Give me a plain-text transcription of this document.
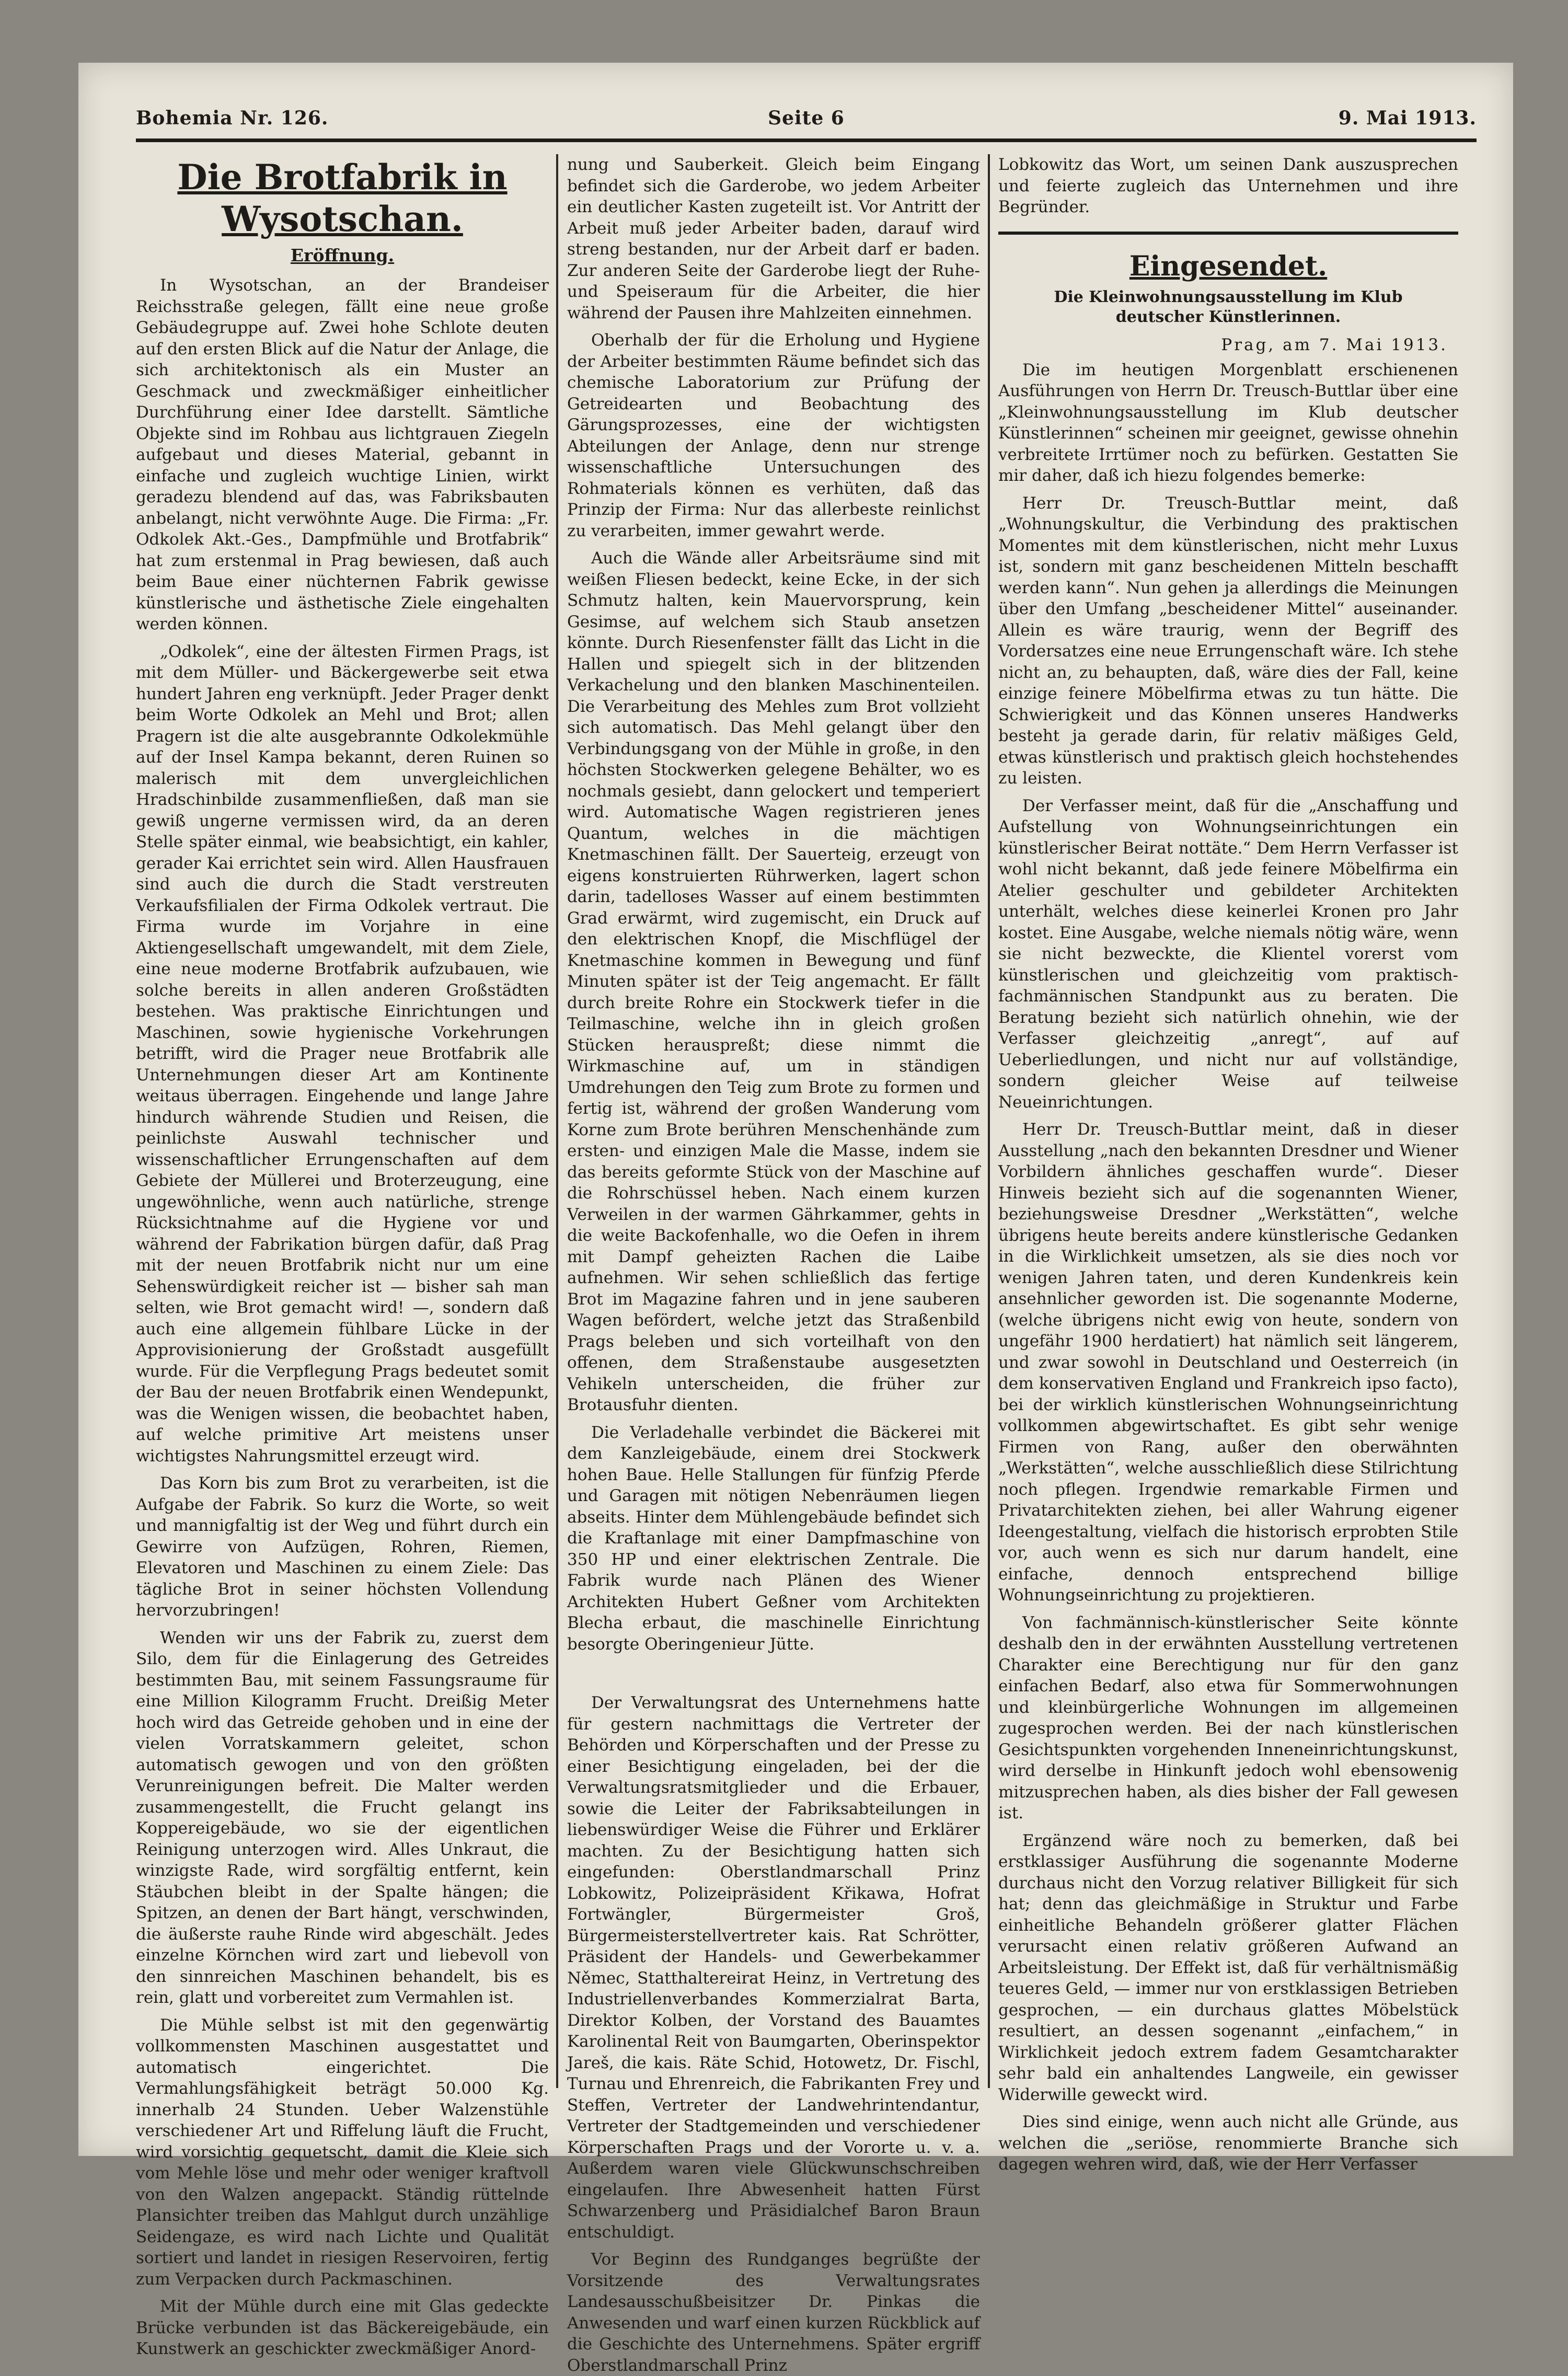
Bohemia Nr. 126.	Seite 6	9. Mai 1913.
Die Brotfabrik in Wysotschan.
Eröffnung.

In Wysotschan, an der Brandeiser Reichsstraße gelegen, fällt eine neue große Gebäudegruppe auf. Zwei hohe Schlote deuten auf den ersten Blick auf die Natur der Anlage, die sich architektonisch als ein Muster an Geschmack und zweckmäßiger einheitlicher Durchführung einer Idee darstellt. Sämtliche Objekte sind im Rohbau aus lichtgrauen Ziegeln aufgebaut und dieses Material, gebannt in einfache und zugleich wuchtige Linien, wirkt geradezu blendend auf das, was Fabriksbauten anbelangt, nicht verwöhnte Auge. Die Firma: „Fr. Odkolek Akt.-Ges., Dampfmühle und Brotfabrik“ hat zum erstenmal in Prag bewiesen, daß auch beim Baue einer nüchternen Fabrik gewisse künstlerische und ästhetische Ziele eingehalten werden können.

„Odkolek“, eine der ältesten Firmen Prags, ist mit dem Müller- und Bäckergewerbe seit etwa hundert Jahren eng verknüpft. Jeder Prager denkt beim Worte Odkolek an Mehl und Brot; allen Pragern ist die alte ausgebrannte Odkolekmühle auf der Insel Kampa bekannt, deren Ruinen so malerisch mit dem unvergleichlichen Hradschinbilde zusammenfließen, daß man sie gewiß ungerne vermissen wird, da an deren Stelle später einmal, wie beabsichtigt, ein kahler, gerader Kai errichtet sein wird. Allen Hausfrauen sind auch die durch die Stadt verstreuten Verkaufsfilialen der Firma Odkolek vertraut. Die Firma wurde im Vorjahre in eine Aktiengesellschaft umgewandelt, mit dem Ziele, eine neue moderne Brotfabrik aufzubauen, wie solche bereits in allen anderen Großstädten bestehen. Was praktische Einrichtungen und Maschinen, sowie hygienische Vorkehrungen betrifft, wird die Prager neue Brotfabrik alle Unternehmungen dieser Art am Kontinente weitaus überragen. Eingehende und lange Jahre hindurch währende Studien und Reisen, die peinlichste Auswahl technischer und wissenschaftlicher Errungenschaften auf dem Gebiete der Müllerei und Broterzeugung, eine ungewöhnliche, wenn auch natürliche, strenge Rücksichtnahme auf die Hygiene vor und während der Fabrikation bürgen dafür, daß Prag mit der neuen Brotfabrik nicht nur um eine Sehenswürdigkeit reicher ist — bisher sah man selten, wie Brot gemacht wird! —, sondern daß auch eine allgemein fühlbare Lücke in der Approvisionierung der Großstadt ausgefüllt wurde. Für die Verpflegung Prags bedeutet somit der Bau der neuen Brotfabrik einen Wendepunkt, was die Wenigen wissen, die beobachtet haben, auf welche primitive Art meistens unser wichtigstes Nahrungsmittel erzeugt wird.

Das Korn bis zum Brot zu verarbeiten, ist die Aufgabe der Fabrik. So kurz die Worte, so weit und mannigfaltig ist der Weg und führt durch ein Gewirre von Aufzügen, Rohren, Riemen, Elevatoren und Maschinen zu einem Ziele: Das tägliche Brot in seiner höchsten Vollendung hervorzubringen!

Wenden wir uns der Fabrik zu, zuerst dem Silo, dem für die Einlagerung des Getreides bestimmten Bau, mit seinem Fassungsraume für eine Million Kilogramm Frucht. Dreißig Meter hoch wird das Getreide gehoben und in eine der vielen Vorratskammern geleitet, schon automatisch gewogen und von den größten Verunreinigungen befreit. Die Malter werden zusammengestellt, die Frucht gelangt ins Koppereigebäude, wo sie der eigentlichen Reinigung unterzogen wird. Alles Unkraut, die winzigste Rade, wird sorgfältig entfernt, kein Stäubchen bleibt in der Spalte hängen; die Spitzen, an denen der Bart hängt, verschwinden, die äußerste rauhe Rinde wird abgeschält. Jedes einzelne Körnchen wird zart und liebevoll von den sinnreichen Maschinen behandelt, bis es rein, glatt und vorbereitet zum Vermahlen ist.

Die Mühle selbst ist mit den gegenwärtig vollkommensten Maschinen ausgestattet und automatisch eingerichtet. Die Vermahlungsfähigkeit beträgt 50.000 Kg. innerhalb 24 Stunden. Ueber Walzenstühle verschiedener Art und Riffelung läuft die Frucht, wird vorsichtig gequetscht, damit die Kleie sich vom Mehle löse und mehr oder weniger kraftvoll von den Walzen angepackt. Ständig rüttelnde Plansichter treiben das Mahlgut durch unzählige Seidengaze, es wird nach Lichte und Qualität sortiert und landet in riesigen Reservoiren, fertig zum Verpacken durch Packmaschinen.

Mit der Mühle durch eine mit Glas gedeckte Brücke verbunden ist das Bäckereigebäude, ein Kunstwerk an geschickter zweckmäßiger Anord-

nung und Sauberkeit. Gleich beim Eingang befindet sich die Garderobe, wo jedem Arbeiter ein deutlicher Kasten zugeteilt ist. Vor Antritt der Arbeit muß jeder Arbeiter baden, darauf wird streng bestanden, nur der Arbeit darf er baden. Zur anderen Seite der Garderobe liegt der Ruhe- und Speiseraum für die Arbeiter, die hier während der Pausen ihre Mahlzeiten einnehmen.

Oberhalb der für die Erholung und Hygiene der Arbeiter bestimmten Räume befindet sich das chemische Laboratorium zur Prüfung der Getreidearten und Beobachtung des Gärungsprozesses, eine der wichtigsten Abteilungen der Anlage, denn nur strenge wissenschaftliche Untersuchungen des Rohmaterials können es verhüten, daß das Prinzip der Firma: Nur das allerbeste reinlichst zu verarbeiten, immer gewahrt werde.

Auch die Wände aller Arbeitsräume sind mit weißen Fliesen bedeckt, keine Ecke, in der sich Schmutz halten, kein Mauervorsprung, kein Gesimse, auf welchem sich Staub ansetzen könnte. Durch Riesenfenster fällt das Licht in die Hallen und spiegelt sich in der blitzenden Verkachelung und den blanken Maschinenteilen. Die Verarbeitung des Mehles zum Brot vollzieht sich automatisch. Das Mehl gelangt über den Verbindungsgang von der Mühle in große, in den höchsten Stockwerken gelegene Behälter, wo es nochmals gesiebt, dann gelockert und temperiert wird. Automatische Wagen registrieren jenes Quantum, welches in die mächtigen Knetmaschinen fällt. Der Sauerteig, erzeugt von eigens konstruierten Rührwerken, lagert schon darin, tadelloses Wasser auf einem bestimmten Grad erwärmt, wird zugemischt, ein Druck auf den elektrischen Knopf, die Mischflügel der Knetmaschine kommen in Bewegung und fünf Minuten später ist der Teig angemacht. Er fällt durch breite Rohre ein Stockwerk tiefer in die Teilmaschine, welche ihn in gleich großen Stücken herauspreßt; diese nimmt die Wirkmaschine auf, um in ständigen Umdrehungen den Teig zum Brote zu formen und fertig ist, während der großen Wanderung vom Korne zum Brote berühren Menschenhände zum ersten- und einzigen Male die Masse, indem sie das bereits geformte Stück von der Maschine auf die Rohrschüssel heben. Nach einem kurzen Verweilen in der warmen Gährkammer, gehts in die weite Backofenhalle, wo die Oefen in ihrem mit Dampf geheizten Rachen die Laibe aufnehmen. Wir sehen schließlich das fertige Brot im Magazine fahren und in jene sauberen Wagen befördert, welche jetzt das Straßenbild Prags beleben und sich vorteilhaft von den offenen, dem Straßenstaube ausgesetzten Vehikeln unterscheiden, die früher zur Brotausfuhr dienten.

Die Verladehalle verbindet die Bäckerei mit dem Kanzleigebäude, einem drei Stockwerk hohen Baue. Helle Stallungen für fünfzig Pferde und Garagen mit nötigen Nebenräumen liegen abseits. Hinter dem Mühlengebäude befindet sich die Kraftanlage mit einer Dampfmaschine von 350 HP und einer elektrischen Zentrale. Die Fabrik wurde nach Plänen des Wiener Architekten Hubert Geßner vom Architekten Blecha erbaut, die maschinelle Einrichtung besorgte Oberingenieur Jütte.

Der Verwaltungsrat des Unternehmens hatte für gestern nachmittags die Vertreter der Behörden und Körperschaften und der Presse zu einer Besichtigung eingeladen, bei der die Verwaltungsratsmitglieder und die Erbauer, sowie die Leiter der Fabriksabteilungen in liebenswürdiger Weise die Führer und Erklärer machten. Zu der Besichtigung hatten sich eingefunden: Oberstlandmarschall Prinz Lobkowitz, Polizeipräsident Křikawa, Hofrat Fortwängler, Bürgermeister Groš, Bürgermeisterstellvertreter kais. Rat Schrötter, Präsident der Handels- und Gewerbekammer Němec, Statthaltereirat Heinz, in Vertretung des Industriellenverbandes Kommerzialrat Barta, Direktor Kolben, der Vorstand des Bauamtes Karolinental Reit von Baumgarten, Oberinspektor Jareš, die kais. Räte Schid, Hotowetz, Dr. Fischl, Turnau und Ehrenreich, die Fabrikanten Frey und Steffen, Vertreter der Landwehrintendantur, Vertreter der Stadtgemeinden und verschiedener Körperschaften Prags und der Vororte u. v. a. Außerdem waren viele Glückwunschschreiben eingelaufen. Ihre Abwesenheit hatten Fürst Schwarzenberg und Präsidialchef Baron Braun entschuldigt.

Vor Beginn des Rundganges begrüßte der Vorsitzende des Verwaltungsrates Landesausschußbeisitzer Dr. Pinkas die Anwesenden und warf einen kurzen Rückblick auf die Geschichte des Unternehmens. Später ergriff Oberstlandmarschall Prinz

Lobkowitz das Wort, um seinen Dank auszusprechen und feierte zugleich das Unternehmen und ihre Begründer.

Eingesendet.
Die Kleinwohnungsausstellung im Klub deutscher Künstlerinnen.
Prag, am 7. Mai 1913.

Die im heutigen Morgenblatt erschienenen Ausführungen von Herrn Dr. Treusch-Buttlar über eine „Kleinwohnungsausstellung im Klub deutscher Künstlerinnen“ scheinen mir geeignet, gewisse ohnehin verbreitete Irrtümer noch zu befürken. Gestatten Sie mir daher, daß ich hiezu folgendes bemerke:

Herr Dr. Treusch-Buttlar meint, daß „Wohnungskultur, die Verbindung des praktischen Momentes mit dem künstlerischen, nicht mehr Luxus ist, sondern mit ganz bescheidenen Mitteln beschafft werden kann“. Nun gehen ja allerdings die Meinungen über den Umfang „bescheidener Mittel“ auseinander. Allein es wäre traurig, wenn der Begriff des Vordersatzes eine neue Errungenschaft wäre. Ich stehe nicht an, zu behaupten, daß, wäre dies der Fall, keine einzige feinere Möbelfirma etwas zu tun hätte. Die Schwierigkeit und das Können unseres Handwerks besteht ja gerade darin, für relativ mäßiges Geld, etwas künstlerisch und praktisch gleich hochstehendes zu leisten.

Der Verfasser meint, daß für die „Anschaffung und Aufstellung von Wohnungseinrichtungen ein künstlerischer Beirat nottäte.“ Dem Herrn Verfasser ist wohl nicht bekannt, daß jede feinere Möbelfirma ein Atelier geschulter und gebildeter Architekten unterhält, welches diese keinerlei Kronen pro Jahr kostet. Eine Ausgabe, welche niemals nötig wäre, wenn sie nicht bezweckte, die Klientel vorerst vom künstlerischen und gleichzeitig vom praktisch-fachmännischen Standpunkt aus zu beraten. Die Beratung bezieht sich natürlich ohnehin, wie der Verfasser gleichzeitig „anregt“, auf auf Ueberliedlungen, und nicht nur auf vollständige, sondern gleicher Weise auf teilweise Neueinrichtungen.

Herr Dr. Treusch-Buttlar meint, daß in dieser Ausstellung „nach den bekannten Dresdner und Wiener Vorbildern ähnliches geschaffen wurde“. Dieser Hinweis bezieht sich auf die sogenannten Wiener, beziehungsweise Dresdner „Werkstätten“, welche übrigens heute bereits andere künstlerische Gedanken in die Wirklichkeit umsetzen, als sie dies noch vor wenigen Jahren taten, und deren Kundenkreis kein ansehnlicher geworden ist. Die sogenannte Moderne, (welche übrigens nicht ewig von heute, sondern von ungefähr 1900 herdatiert) hat nämlich seit längerem, und zwar sowohl in Deutschland und Oesterreich (in dem konservativen England und Frankreich ipso facto), bei der wirklich künstlerischen Wohnungseinrichtung vollkommen abgewirtschaftet. Es gibt sehr wenige Firmen von Rang, außer den oberwähnten „Werkstätten“, welche ausschließlich diese Stilrichtung noch pflegen. Irgendwie remarkable Firmen und Privatarchitekten ziehen, bei aller Wahrung eigener Ideengestaltung, vielfach die historisch erprobten Stile vor, auch wenn es sich nur darum handelt, eine einfache, dennoch entsprechend billige Wohnungseinrichtung zu projektieren.

Von fachmännisch-künstlerischer Seite könnte deshalb den in der erwähnten Ausstellung vertretenen Charakter eine Berechtigung nur für den ganz einfachen Bedarf, also etwa für Sommerwohnungen und kleinbürgerliche Wohnungen im allgemeinen zugesprochen werden. Bei der nach künstlerischen Gesichtspunkten vorgehenden Inneneinrichtungskunst, wird derselbe in Hinkunft jedoch wohl ebensowenig mitzusprechen haben, als dies bisher der Fall gewesen ist.

Ergänzend wäre noch zu bemerken, daß bei erstklassiger Ausführung die sogenannte Moderne durchaus nicht den Vorzug relativer Billigkeit für sich hat; denn das gleichmäßige in Struktur und Farbe einheitliche Behandeln größerer glatter Flächen verursacht einen relativ größeren Aufwand an Arbeitsleistung. Der Effekt ist, daß für verhältnismäßig teueres Geld, — immer nur von erstklassigen Betrieben gesprochen, — ein durchaus glattes Möbelstück resultiert, an dessen sogenannt „einfachem,“ in Wirklichkeit jedoch extrem fadem Gesamtcharakter sehr bald ein anhaltendes Langweile, ein gewisser Widerwille geweckt wird.

Dies sind einige, wenn auch nicht alle Gründe, aus welchen die „seriöse, renommierte Branche sich dagegen wehren wird, daß, wie der Herr Verfasser
